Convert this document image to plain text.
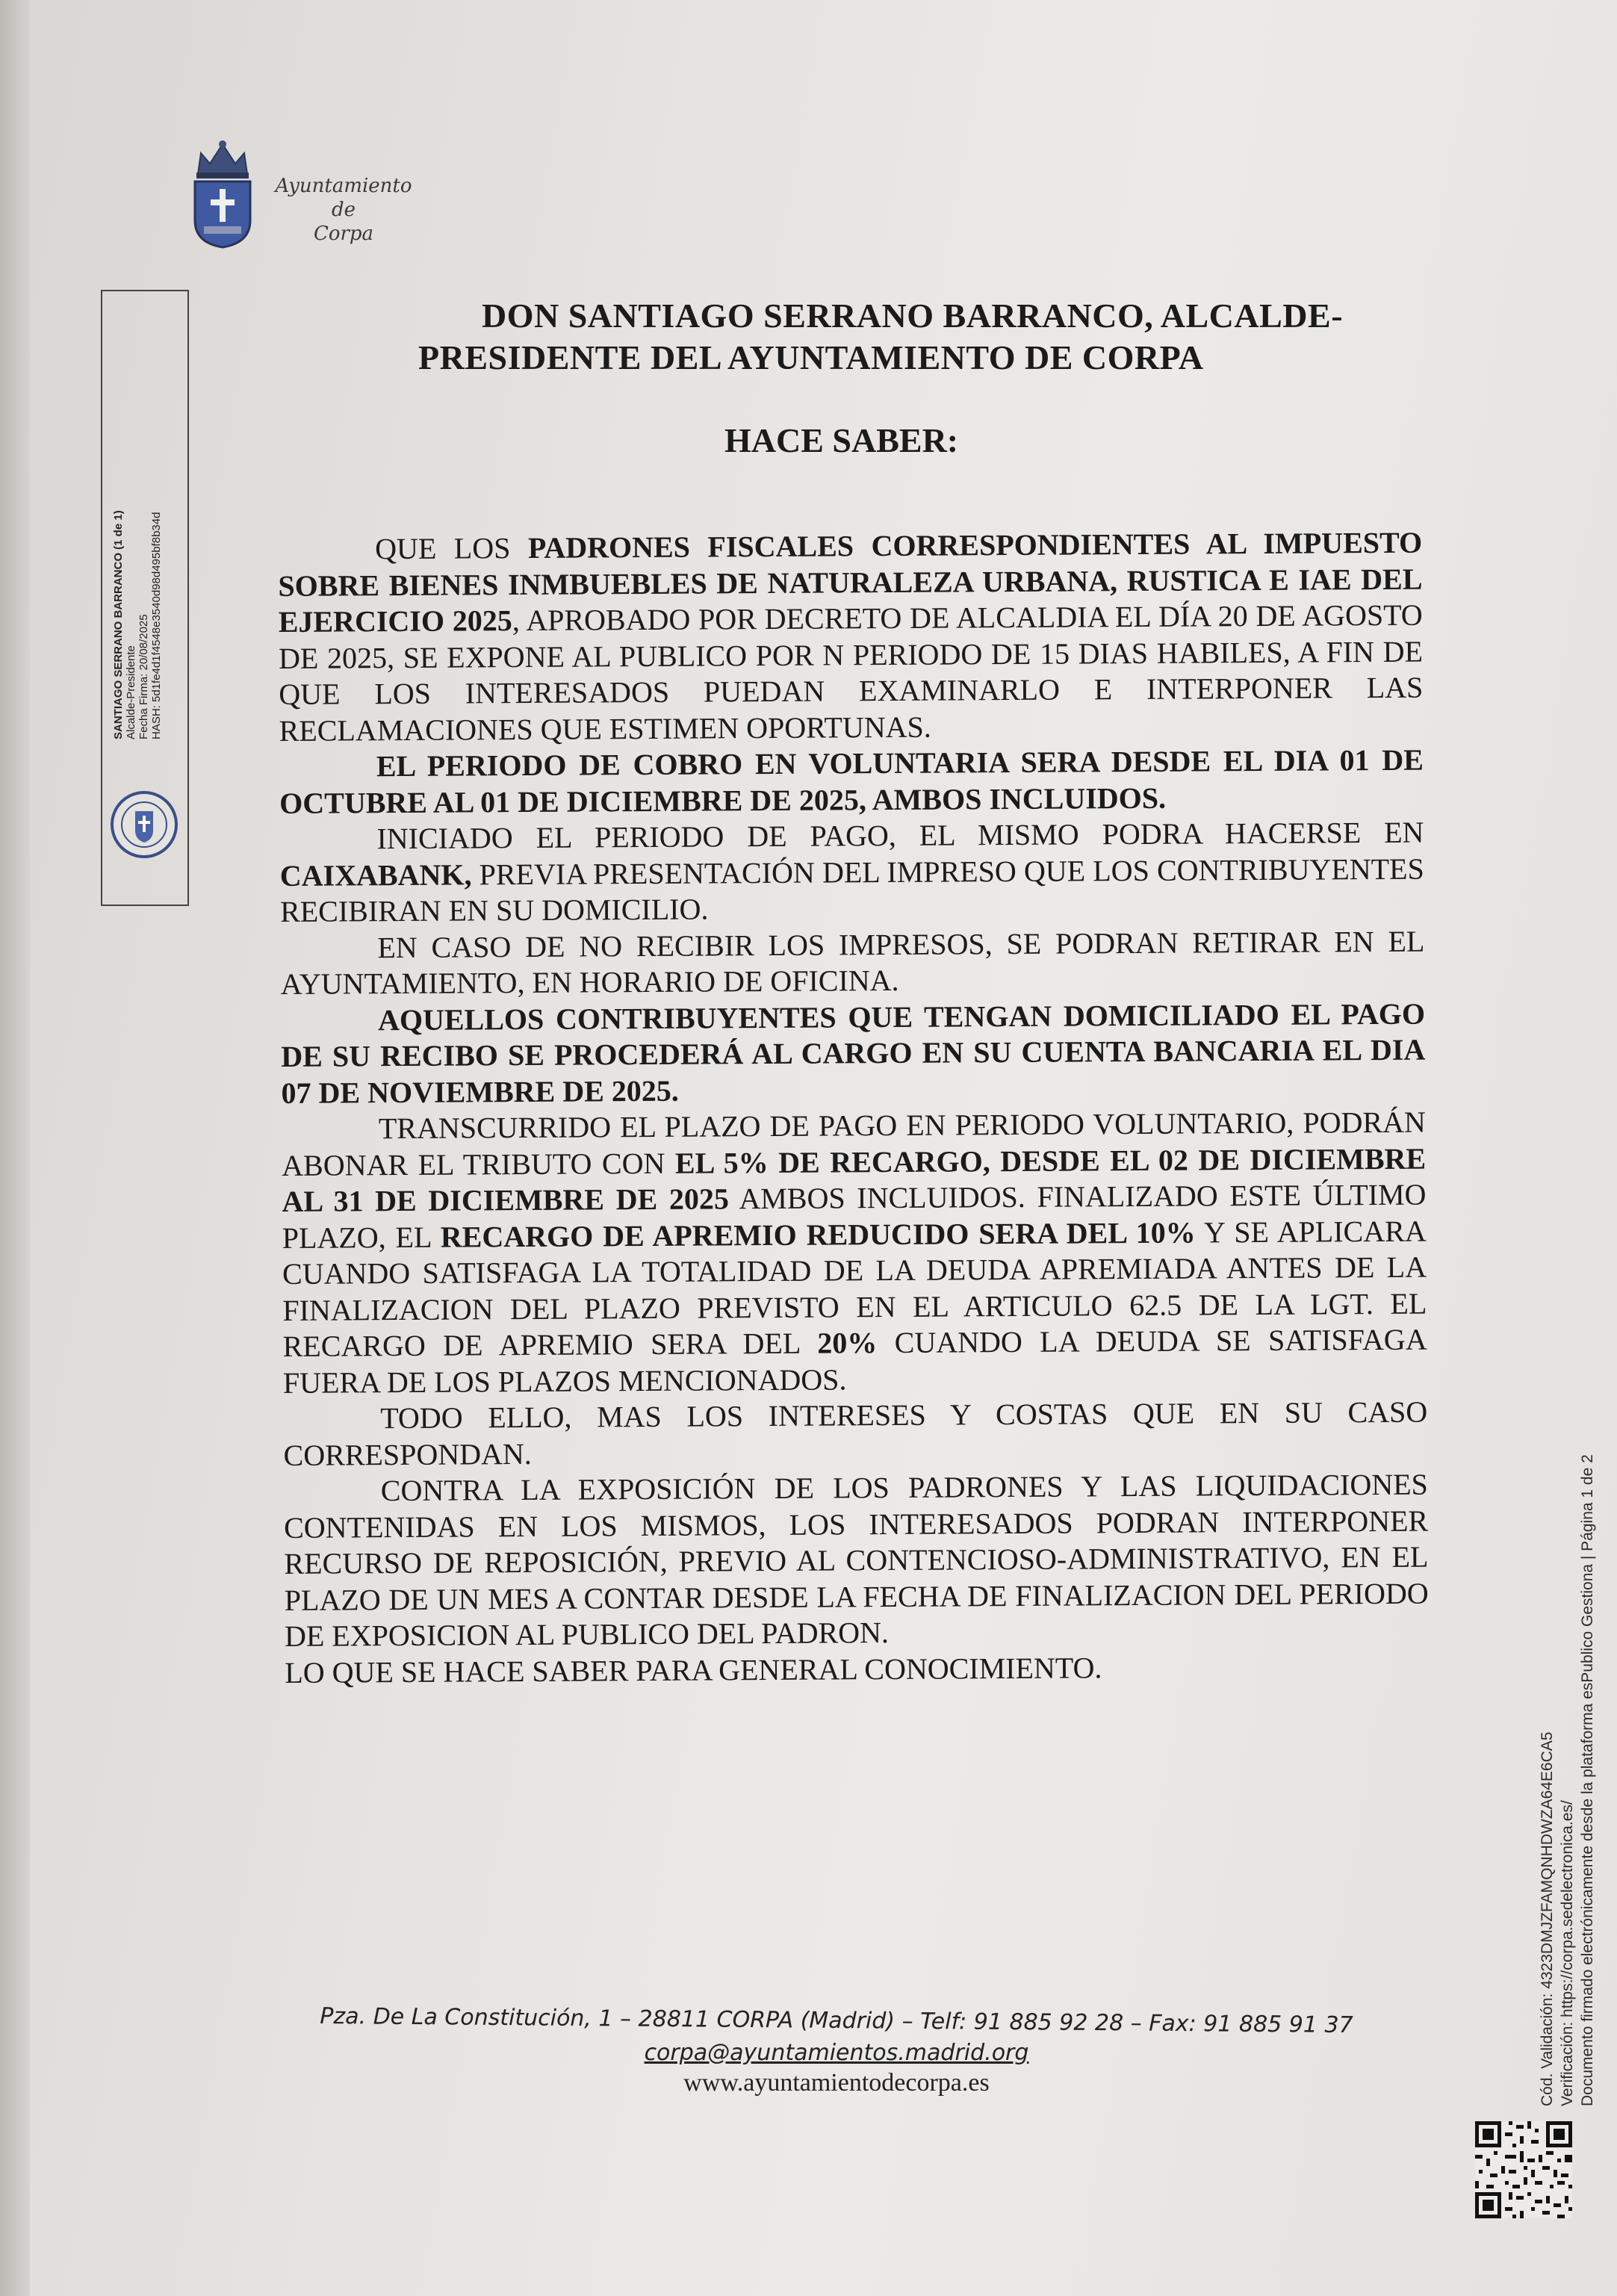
Ayuntamiento
de
Corpa
SANTIAGO SERRANO BARRANCO (1 de 1) Alcalde-Presidente Fecha Firma: 20/08/2025 HASH: 5d1fe4d1f4548e3540d98d495bf8b34d
DON SANTIAGO SERRANO BARRANCO, ALCALDE-
PRESIDENTE DEL AYUNTAMIENTO DE CORPA
HACE SABER:

QUE LOS PADRONES FISCALES CORRESPONDIENTES AL IMPUESTO SOBRE BIENES INMBUEBLES DE NATURALEZA URBANA, RUSTICA E IAE DEL EJERCICIO 2025, APROBADO POR DECRETO DE ALCALDIA EL DÍA 20 DE AGOSTO DE 2025, SE EXPONE AL PUBLICO POR N PERIODO DE 15 DIAS HABILES, A FIN DE QUE LOS INTERESADOS PUEDAN EXAMINARLO E INTERPONER LAS RECLAMACIONES QUE ESTIMEN OPORTUNAS.

EL PERIODO DE COBRO EN VOLUNTARIA SERA DESDE EL DIA 01 DE OCTUBRE AL 01 DE DICIEMBRE DE 2025, AMBOS INCLUIDOS.

INICIADO EL PERIODO DE PAGO, EL MISMO PODRA HACERSE EN CAIXABANK, PREVIA PRESENTACIÓN DEL IMPRESO QUE LOS CONTRIBUYENTES RECIBIRAN EN SU DOMICILIO.

EN CASO DE NO RECIBIR LOS IMPRESOS, SE PODRAN RETIRAR EN EL AYUNTAMIENTO, EN HORARIO DE OFICINA.

AQUELLOS CONTRIBUYENTES QUE TENGAN DOMICILIADO EL PAGO DE SU RECIBO SE PROCEDERÁ AL CARGO EN SU CUENTA BANCARIA EL DIA 07 DE NOVIEMBRE DE 2025.

TRANSCURRIDO EL PLAZO DE PAGO EN PERIODO VOLUNTARIO, PODRÁN ABONAR EL TRIBUTO CON EL 5% DE RECARGO, DESDE EL 02 DE DICIEMBRE AL 31 DE DICIEMBRE DE 2025 AMBOS INCLUIDOS. FINALIZADO ESTE ÚLTIMO PLAZO, EL RECARGO DE APREMIO REDUCIDO SERA DEL 10% Y SE APLICARA CUANDO SATISFAGA LA TOTALIDAD DE LA DEUDA APREMIADA ANTES DE LA FINALIZACION DEL PLAZO PREVISTO EN EL ARTICULO 62.5 DE LA LGT. EL RECARGO DE APREMIO SERA DEL 20% CUANDO LA DEUDA SE SATISFAGA FUERA DE LOS PLAZOS MENCIONADOS.

TODO ELLO, MAS LOS INTERESES Y COSTAS QUE EN SU CASO CORRESPONDAN.

CONTRA LA EXPOSICIÓN DE LOS PADRONES Y LAS LIQUIDACIONES CONTENIDAS EN LOS MISMOS, LOS INTERESADOS PODRAN INTERPONER RECURSO DE REPOSICIÓN, PREVIO AL CONTENCIOSO-ADMINISTRATIVO, EN EL PLAZO DE UN MES A CONTAR DESDE LA FECHA DE FINALIZACION DEL PERIODO DE EXPOSICION AL PUBLICO DEL PADRON.

LO QUE SE HACE SABER PARA GENERAL CONOCIMIENTO.

Pza. De La Constitución, 1 – 28811 CORPA (Madrid) – Telf: 91 885 92 28 – Fax: 91 885 91 37
corpa@ayuntamientos.madrid.org
www.ayuntamientodecorpa.es	Cód. Validación: 4323DMJZFAMQNHDWZA64E6CA5 Verificación: https://corpa.sedelectronica.es/ Documento firmado electrónicamente desde la plataforma esPublico Gestiona | Página 1 de 2
